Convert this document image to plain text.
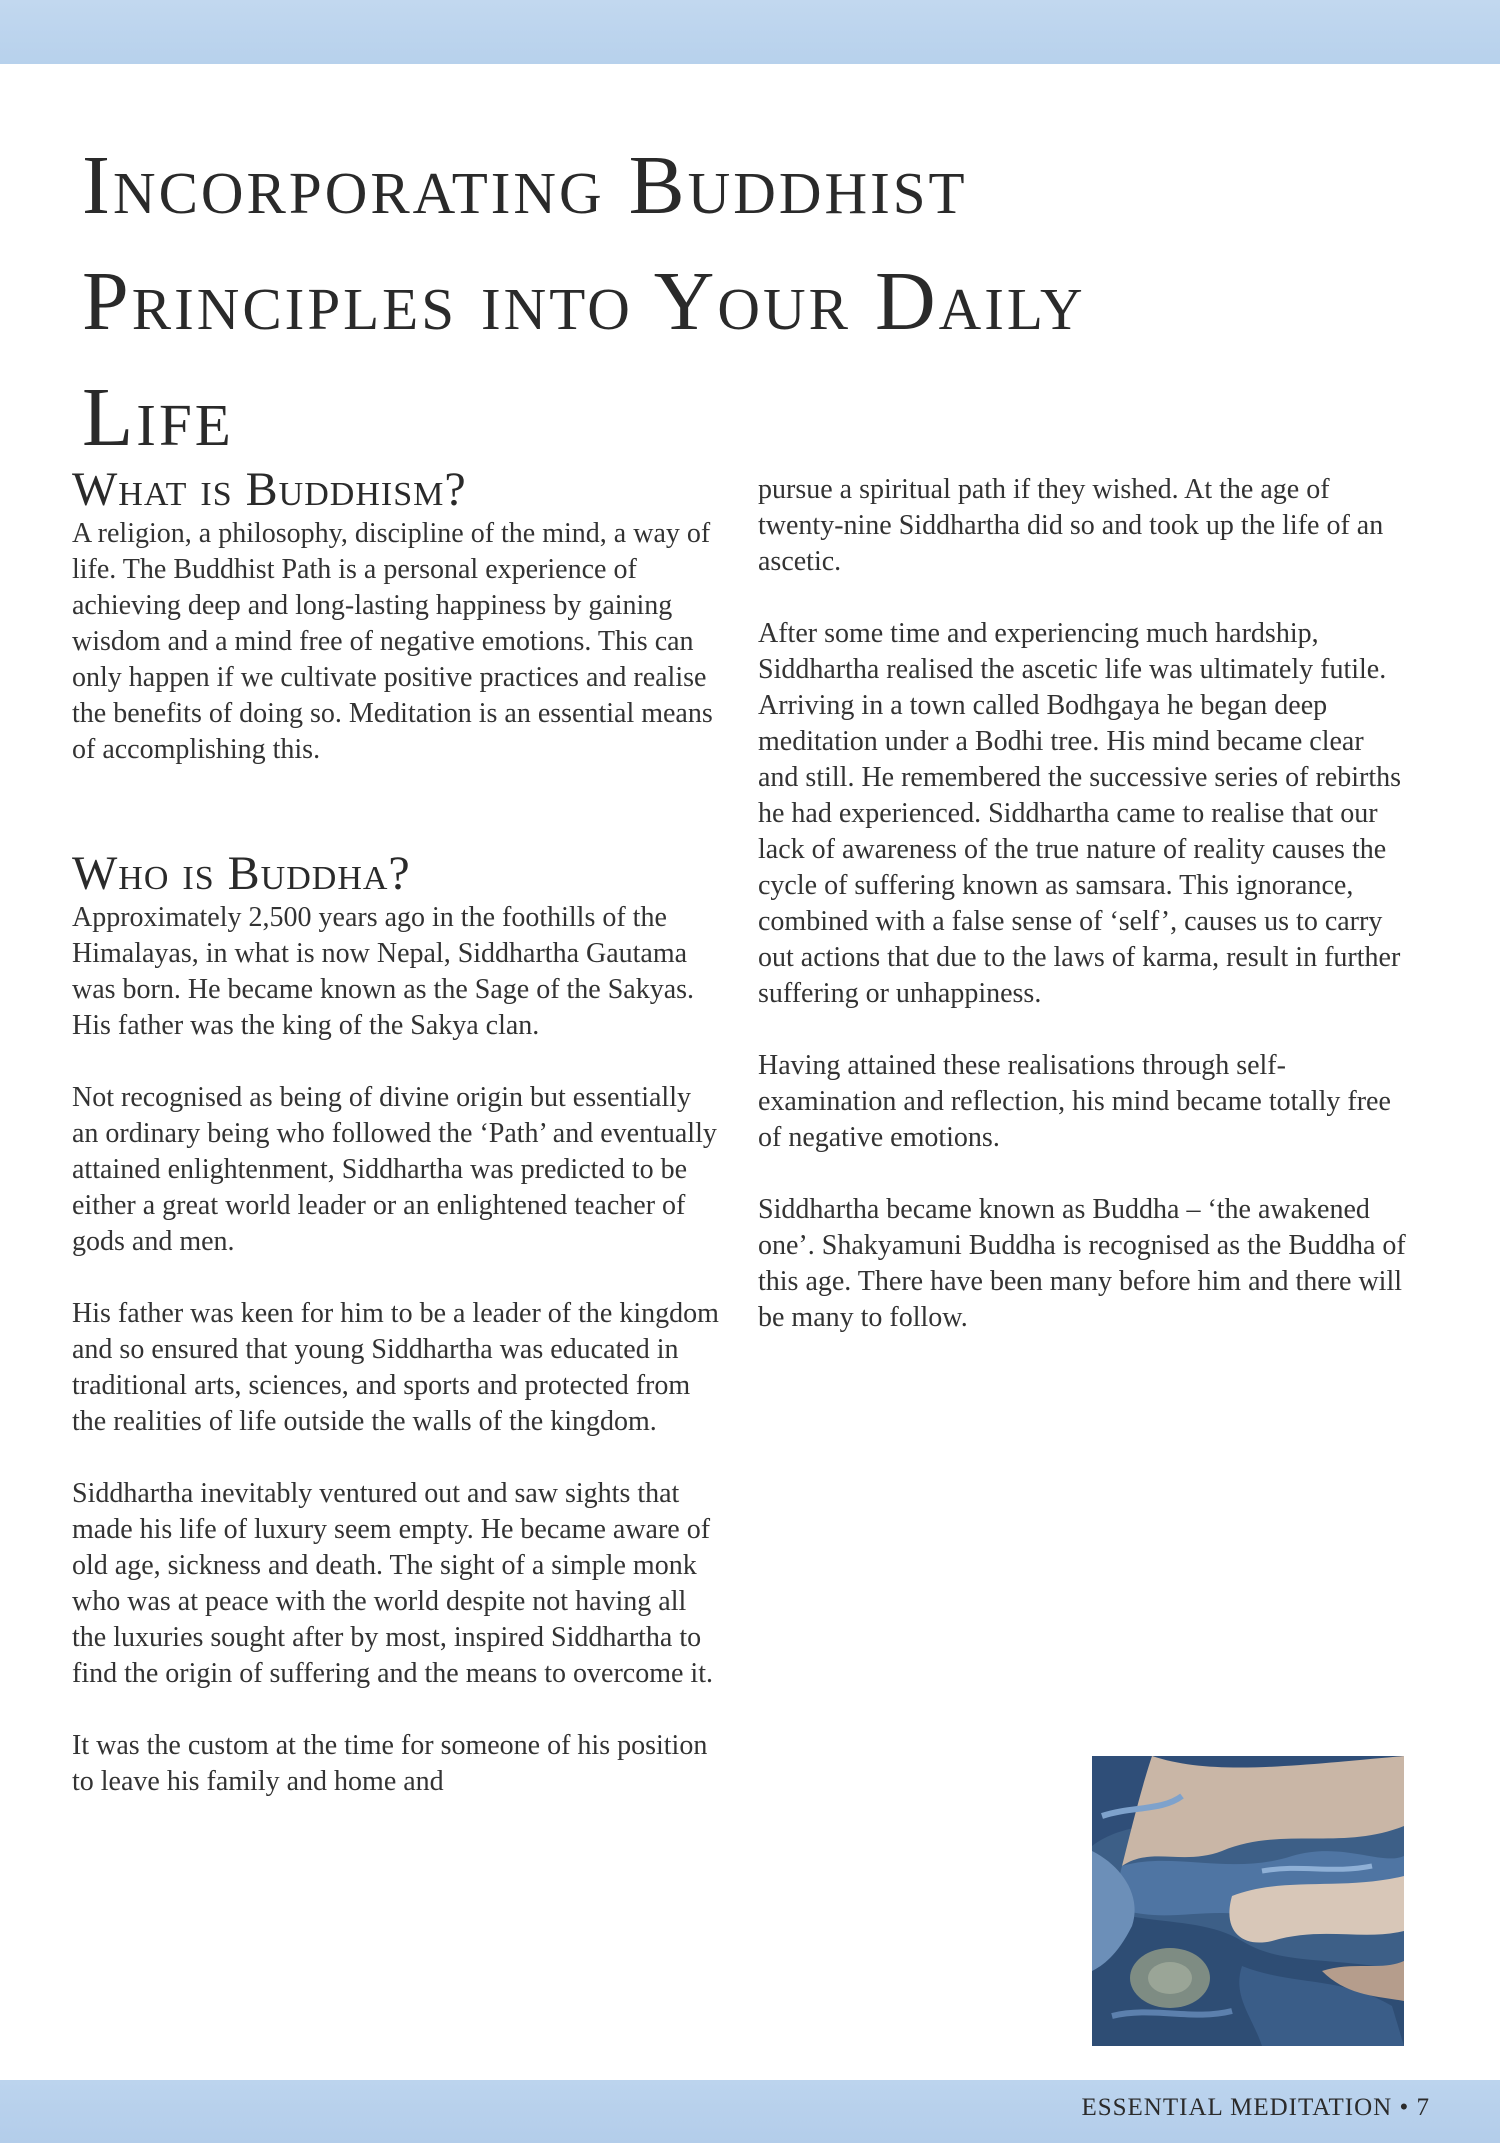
Incorporating Buddhist Principles into Your Daily Life
What is Buddhism?

A religion, a philosophy, discipline of the mind, a way of life. The Buddhist Path is a personal experience of achieving deep and long-lasting happiness by gaining wisdom and a mind free of negative emotions. This can only happen if we cultivate positive practices and realise the benefits of doing so. Meditation is an essential means of accomplishing this.

Who is Buddha?

Approximately 2,500 years ago in the foothills of the Himalayas, in what is now Nepal, Siddhartha Gautama was born. He became known as the Sage of the Sakyas. His father was the king of the Sakya clan.

Not recognised as being of divine origin but essentially an ordinary being who followed the ‘Path’ and eventually attained enlightenment, Siddhartha was predicted to be either a great world leader or an enlightened teacher of gods and men.

His father was keen for him to be a leader of the kingdom and so ensured that young Siddhartha was educated in traditional arts, sciences, and sports and protected from the realities of life outside the walls of the kingdom.

Siddhartha inevitably ventured out and saw sights that made his life of luxury seem empty. He became aware of old age, sickness and death. The sight of a simple monk who was at peace with the world despite not having all the luxuries sought after by most, inspired Siddhartha to find the origin of suffering and the means to overcome it.

It was the custom at the time for someone of his position to leave his family and home and

pursue a spiritual path if they wished. At the age of twenty-nine Siddhartha did so and took up the life of an ascetic.

After some time and experiencing much hardship, Siddhartha realised the ascetic life was ultimately futile. Arriving in a town called Bodhgaya he began deep meditation under a Bodhi tree. His mind became clear and still. He remembered the successive series of rebirths he had experienced. Siddhartha came to realise that our lack of awareness of the true nature of reality causes the cycle of suffering known as samsara. This ignorance, combined with a false sense of ‘self’, causes us to carry out actions that due to the laws of karma, result in further suffering or unhappiness.

Having attained these realisations through self-examination and reflection, his mind became totally free of negative emotions.

Siddhartha became known as Buddha – ‘the awakened one’. Shakyamuni Buddha is recognised as the Buddha of this age. There have been many before him and there will be many to follow.

ESSENTIAL MEDITATION • 7
